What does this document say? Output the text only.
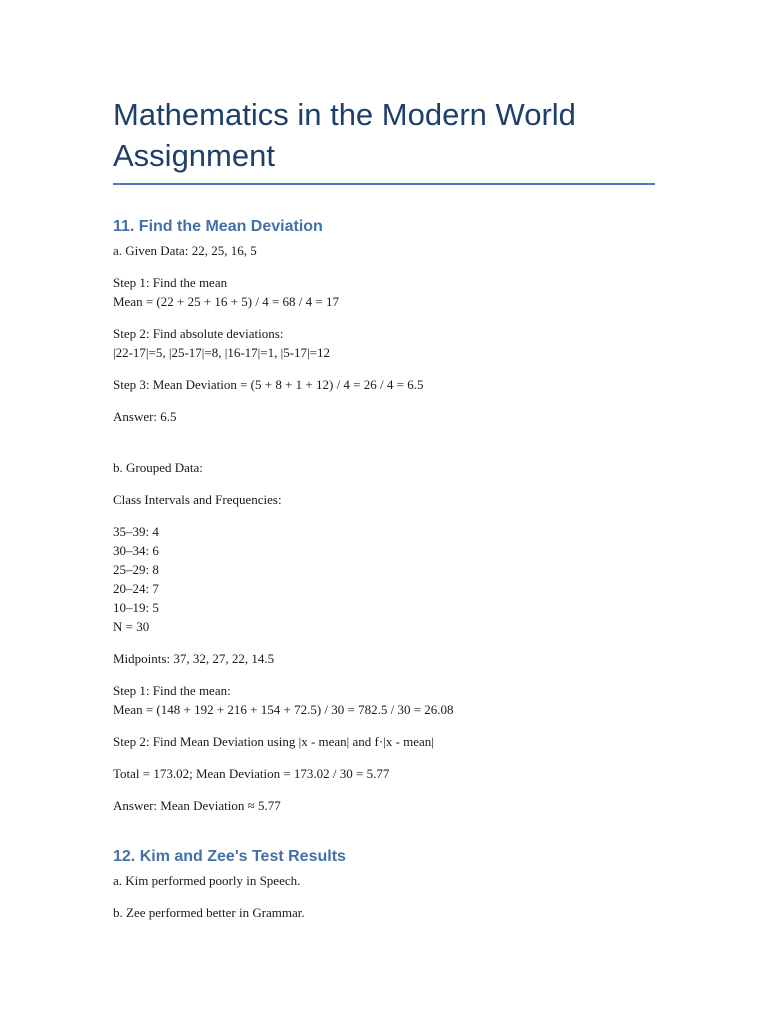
Mathematics in the Modern World
Assignment
11. Find the Mean Deviation

a. Given Data: 22, 25, 16, 5

Step 1: Find the mean

Mean = (22 + 25 + 16 + 5) / 4 = 68 / 4 = 17

Step 2: Find absolute deviations:

|22-17|=5, |25-17|=8, |16-17|=1, |5-17|=12

Step 3: Mean Deviation = (5 + 8 + 1 + 12) / 4 = 26 / 4 = 6.5

Answer: 6.5

b. Grouped Data:

Class Intervals and Frequencies:

35–39: 4

30–34: 6

25–29: 8

20–24: 7

10–19: 5

N = 30

Midpoints: 37, 32, 27, 22, 14.5

Step 1: Find the mean:

Mean = (148 + 192 + 216 + 154 + 72.5) / 30 = 782.5 / 30 = 26.08

Step 2: Find Mean Deviation using |x - mean| and f·|x - mean|

Total = 173.02; Mean Deviation = 173.02 / 30 = 5.77

Answer: Mean Deviation ≈ 5.77

12. Kim and Zee's Test Results

a. Kim performed poorly in Speech.

b. Zee performed better in Grammar.
